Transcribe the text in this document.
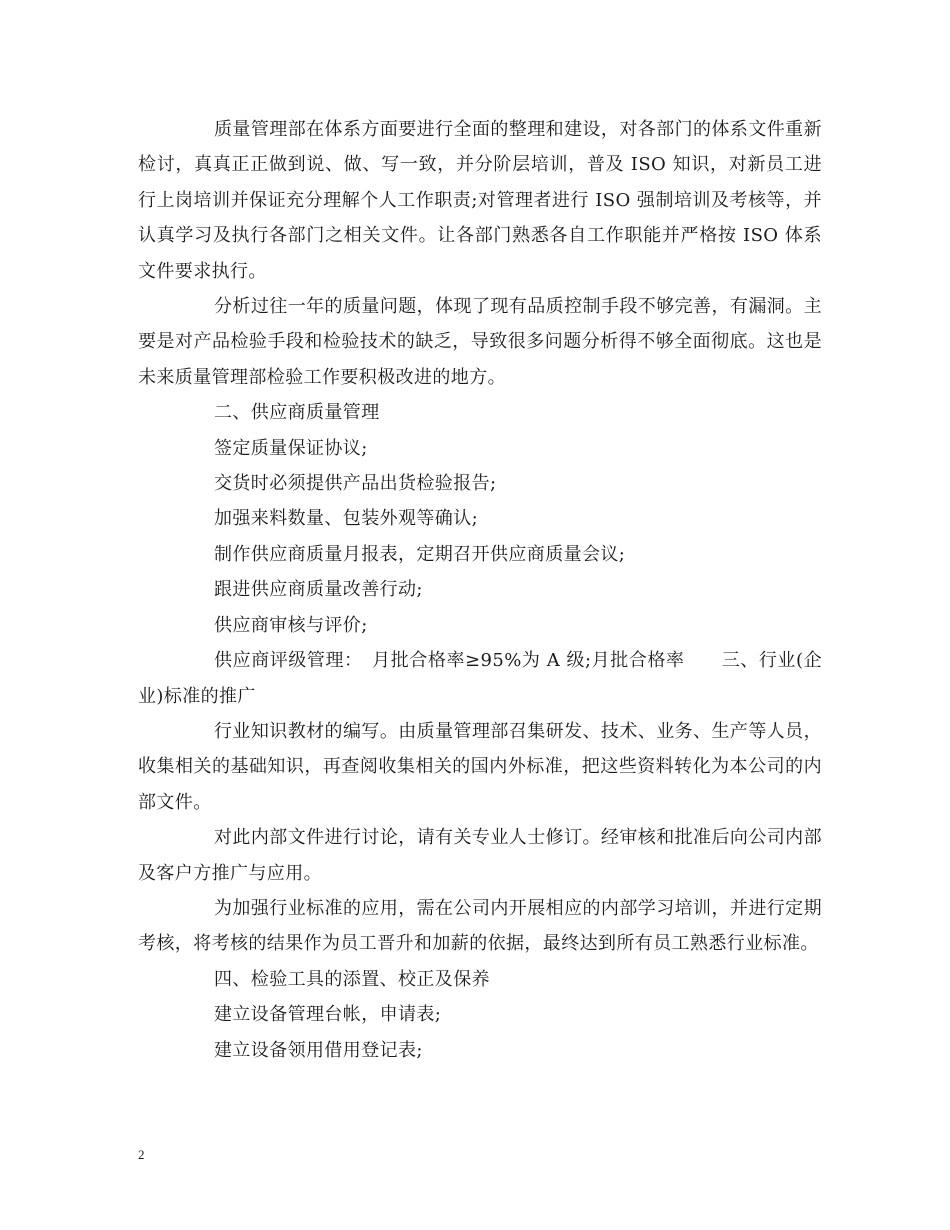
质量管理部在体系方面要进行全面的整理和建设，对各部门的体系文件重新检讨，真真正正做到说、做、写一致，并分阶层培训，普及 ISO 知识，对新员工进行上岗培训并保证充分理解个人工作职责;对管理者进行 ISO 强制培训及考核等，并认真学习及执行各部门之相关文件。让各部门熟悉各自工作职能并严格按 ISO 体系文件要求执行。

分析过往一年的质量问题，体现了现有品质控制手段不够完善，有漏洞。主要是对产品检验手段和检验技术的缺乏，导致很多问题分析得不够全面彻底。这也是未来质量管理部检验工作要积极改进的地方。

二、供应商质量管理

签定质量保证协议;

交货时必须提供产品出货检验报告;

加强来料数量、包装外观等确认;

制作供应商质量月报表，定期召开供应商质量会议;

跟进供应商质量改善行动;

供应商审核与评价;

供应商评级管理：　月批合格率≥95%为 A 级;月批合格率　　三、行业(企业)标准的推广

行业知识教材的编写。由质量管理部召集研发、技术、业务、生产等人员，收集相关的基础知识，再查阅收集相关的国内外标准，把这些资料转化为本公司的内部文件。

对此内部文件进行讨论，请有关专业人士修订。经审核和批准后向公司内部及客户方推广与应用。

为加强行业标准的应用，需在公司内开展相应的内部学习培训，并进行定期考核，将考核的结果作为员工晋升和加薪的依据，最终达到所有员工熟悉行业标准。

四、检验工具的添置、校正及保养

建立设备管理台帐，申请表;

建立设备领用借用登记表;

2
